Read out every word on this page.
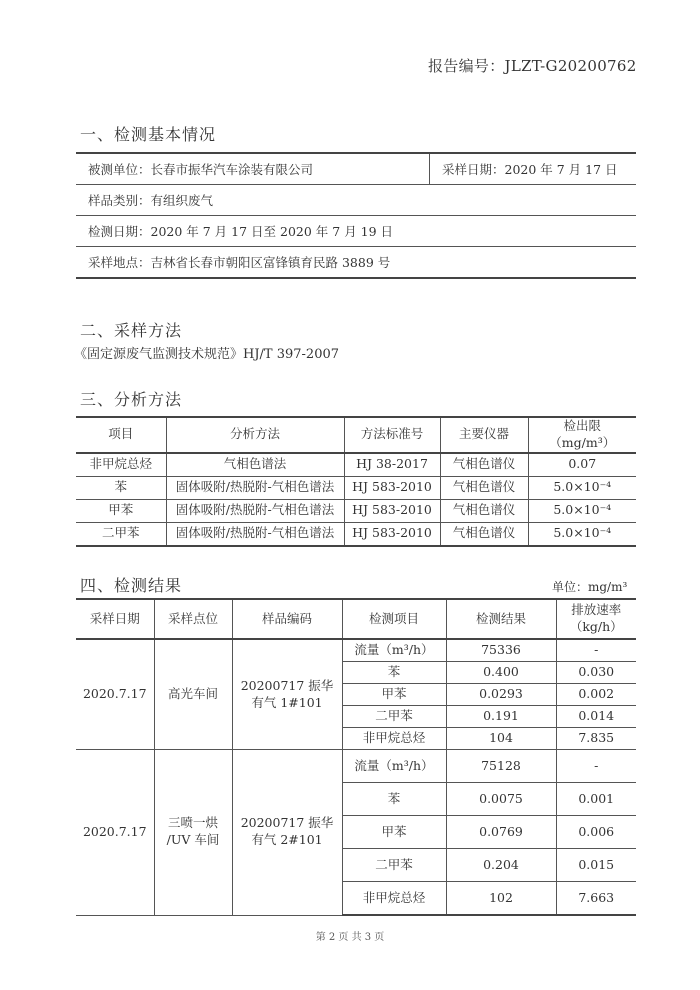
报告编号：JLZT-G20200762
一、检测基本情况
被测单位：长春市振华汽车涂装有限公司	采样日期：2020 年 7 月 17 日
样品类别：有组织废气
检测日期：2020 年 7 月 17 日至 2020 年 7 月 19 日
采样地点：吉林省长春市朝阳区富锋镇育民路 3889 号
二、采样方法
《固定源废气监测技术规范》HJ/T 397-2007
三、分析方法
项目	分析方法	方法标准号	主要仪器	检出限
（mg/m³）
非甲烷总烃	气相色谱法	HJ 38-2017	气相色谱仪	0.07
苯	固体吸附/热脱附-气相色谱法	HJ 583-2010	气相色谱仪	5.0×10⁻⁴
甲苯	固体吸附/热脱附-气相色谱法	HJ 583-2010	气相色谱仪	5.0×10⁻⁴
二甲苯	固体吸附/热脱附-气相色谱法	HJ 583-2010	气相色谱仪	5.0×10⁻⁴
四、检测结果	单位：mg/m³
采样日期	采样点位	样品编码	检测项目	检测结果	排放速率
（kg/h）
2020.7.17	高光车间	20200717 振华
有气 1#101	流量（m³/h）	75336	-
			苯	0.400	0.030
			甲苯	0.0293	0.002
			二甲苯	0.191	0.014
			非甲烷总烃	104	7.835
2020.7.17	三喷一烘
/UV 车间	20200717 振华
有气 2#101	流量（m³/h）	75128	-
			苯	0.0075	0.001
			甲苯	0.0769	0.006
			二甲苯	0.204	0.015
			非甲烷总烃	102	7.663
第 2 页 共 3 页
